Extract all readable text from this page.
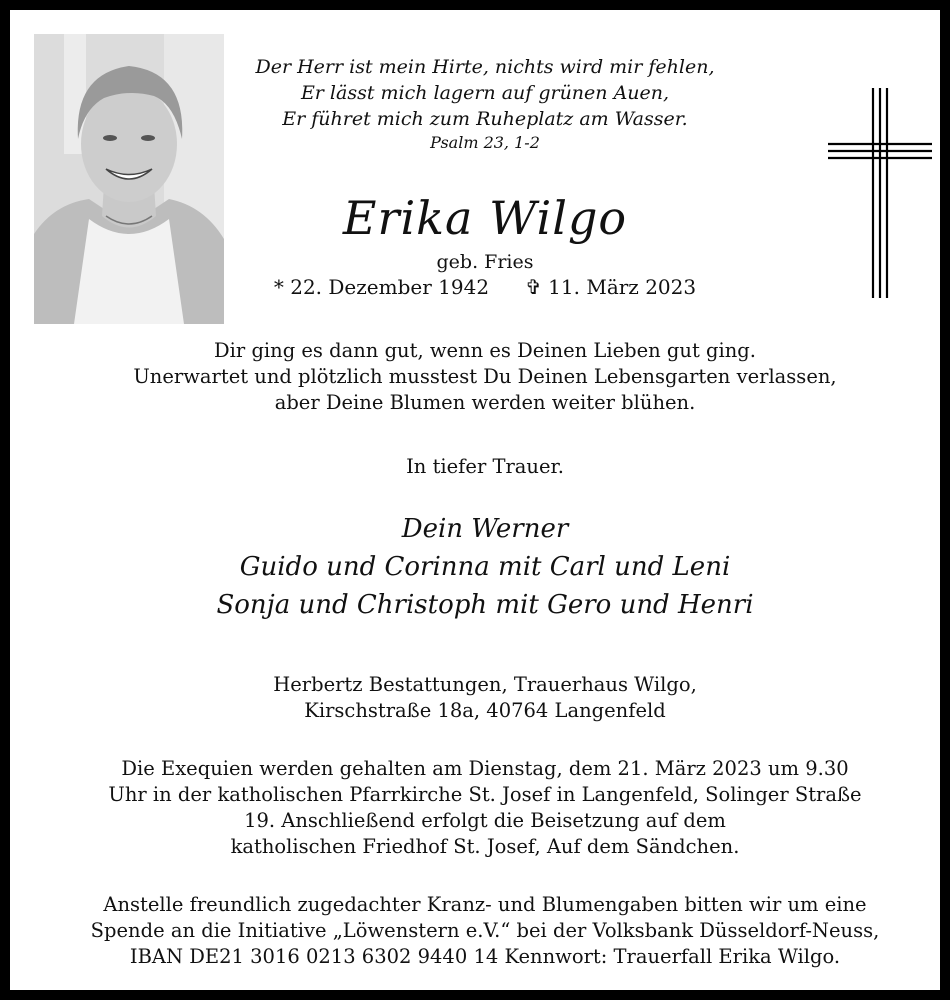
Der Herr ist mein Hirte, nichts wird mir fehlen,
Er lässt mich lagern auf grünen Auen,
Er führet mich zum Ruheplatz am Wasser.
Psalm 23, 1-2
Erika Wilgo
geb. Fries
* 22. Dezember 1942 ✞ 11. März 2023
Dir ging es dann gut, wenn es Deinen Lieben gut ging.
Unerwartet und plötzlich musstest Du Deinen Lebensgarten verlassen,
aber Deine Blumen werden weiter blühen.
In tiefer Trauer.
Dein Werner
Guido und Corinna mit Carl und Leni
Sonja und Christoph mit Gero und Henri
Herbertz Bestattungen, Trauerhaus Wilgo,
Kirschstraße 18a, 40764 Langenfeld
Die Exequien werden gehalten am Dienstag, dem 21. März 2023 um 9.30
Uhr in der katholischen Pfarrkirche St. Josef in Langenfeld, Solinger Straße
19. Anschließend erfolgt die Beisetzung auf dem
katholischen Friedhof St. Josef, Auf dem Sändchen.
Anstelle freundlich zugedachter Kranz- und Blumengaben bitten wir um eine
Spende an die Initiative „Löwenstern e.V.“ bei der Volksbank Düsseldorf-Neuss,
IBAN DE21 3016 0213 6302 9440 14 Kennwort: Trauerfall Erika Wilgo.
